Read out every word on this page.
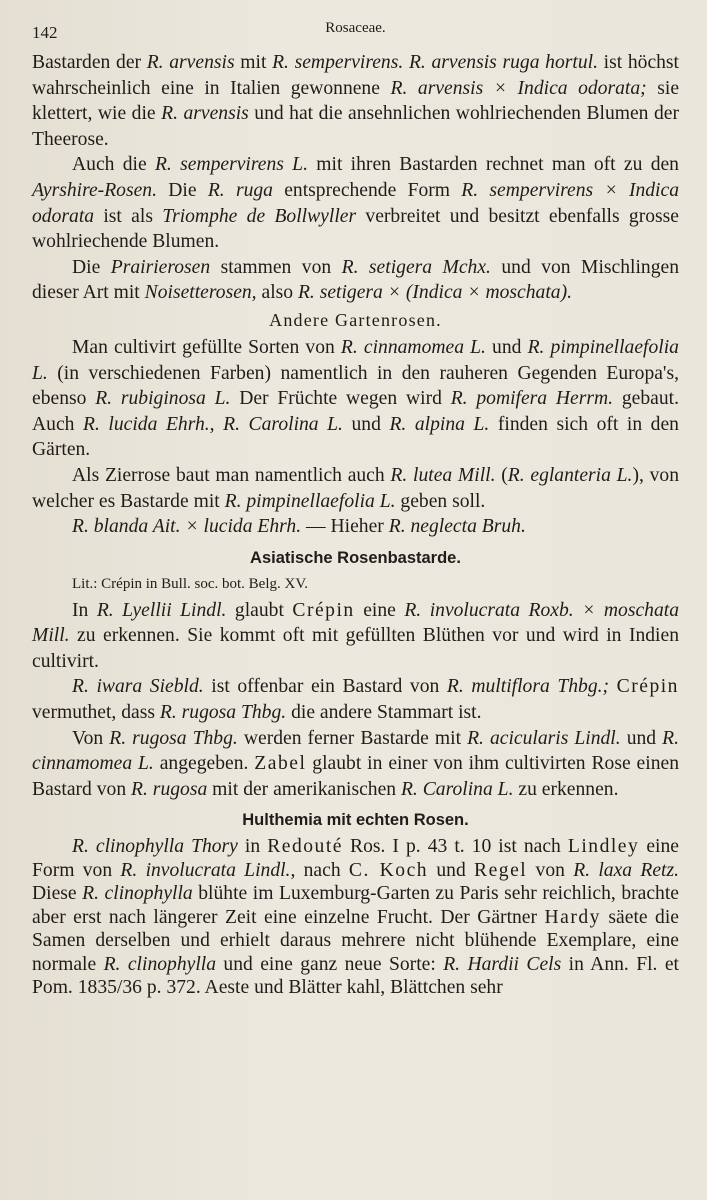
142	Rosaceae.

Bastarden der R. arvensis mit R. sempervirens. R. arvensis ruga hortul. ist höchst wahrscheinlich eine in Italien gewonnene R. arvensis × Indica odorata; sie klettert, wie die R. arvensis und hat die ansehnlichen wohlriechenden Blumen der Theerose.

Auch die R. sempervirens L. mit ihren Bastarden rechnet man oft zu den Ayrshire-Rosen. Die R. ruga entsprechende Form R. sempervirens × Indica odorata ist als Triomphe de Bollwyller verbreitet und besitzt ebenfalls grosse wohlriechende Blumen.

Die Prairierosen stammen von R. setigera Mchx. und von Mischlingen dieser Art mit Noisetterosen, also R. setigera × (Indica × moschata).

Andere Gartenrosen.

Man cultivirt gefüllte Sorten von R. cinnamomea L. und R. pimpinellaefolia L. (in verschiedenen Farben) namentlich in den rauheren Gegenden Europa's, ebenso R. rubiginosa L. Der Früchte wegen wird R. pomifera Herrm. gebaut. Auch R. lucida Ehrh., R. Carolina L. und R. alpina L. finden sich oft in den Gärten.

Als Zierrose baut man namentlich auch R. lutea Mill. (R. eglanteria L.), von welcher es Bastarde mit R. pimpinellaefolia L. geben soll.

R. blanda Ait. × lucida Ehrh. — Hieher R. neglecta Bruh.

Asiatische Rosenbastarde.

Lit.: Crépin in Bull. soc. bot. Belg. XV.

In R. Lyellii Lindl. glaubt Crépin eine R. involucrata Roxb. × moschata Mill. zu erkennen. Sie kommt oft mit gefüllten Blüthen vor und wird in Indien cultivirt.

R. iwara Siebld. ist offenbar ein Bastard von R. multiflora Thbg.; Crépin vermuthet, dass R. rugosa Thbg. die andere Stammart ist.

Von R. rugosa Thbg. werden ferner Bastarde mit R. acicularis Lindl. und R. cinnamomea L. angegeben. Zabel glaubt in einer von ihm cultivirten Rose einen Bastard von R. rugosa mit der amerikanischen R. Carolina L. zu erkennen.

Hulthemia mit echten Rosen.

R. clinophylla Thory in Redouté Ros. I p. 43 t. 10 ist nach Lindley eine Form von R. involucrata Lindl., nach C. Koch und Regel von R. laxa Retz. Diese R. clinophylla blühte im Luxemburg-Garten zu Paris sehr reichlich, brachte aber erst nach längerer Zeit eine einzelne Frucht. Der Gärtner Hardy säete die Samen derselben und erhielt daraus mehrere nicht blühende Exemplare, eine normale R. clinophylla und eine ganz neue Sorte: R. Hardii Cels in Ann. Fl. et Pom. 1835/36 p. 372. Aeste und Blätter kahl, Blättchen sehr
